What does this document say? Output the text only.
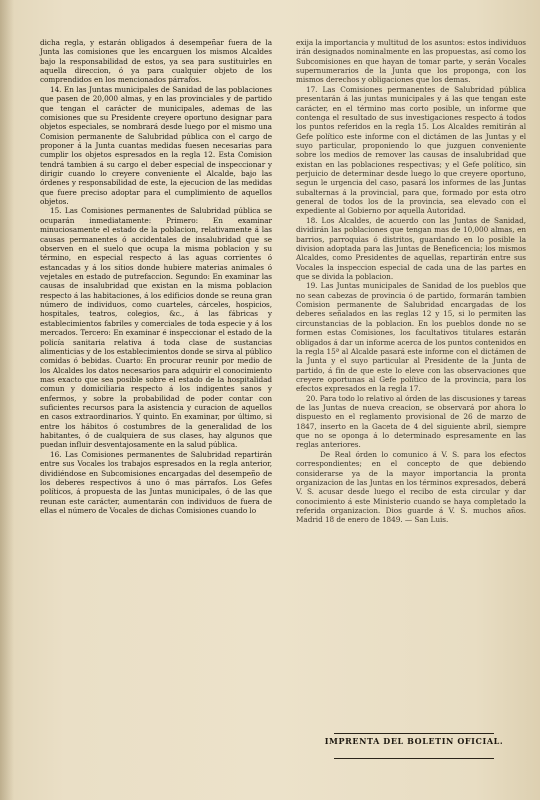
dicha regla, y estarán obligados á desempeñar fuera de la Junta las comisiones que les encarguen los mismos Alcaldes bajo la responsabilidad de estos, ya sea para sustituirles en aquella direccion, ó ya para cualquier objeto de los comprendidos en los mencionados párrafos.

14. En las Juntas municipales de Sanidad de las poblaciones que pasen de 20,000 almas, y en las provinciales y de partido que tengan el carácter de municipales, ademas de las comisiones que su Presidente creyere oportuno designar para objetos especiales, se nombrará desde luego por el mismo una Comision permanente de Salubridad pública con el cargo de proponer á la Junta cuantas medidas fuesen necesarias para cumplir los objetos espresados en la regla 12. Esta Comision tendrá tambien á su cargo el deber especial de inspeccionar y dirigir cuando lo creyere conveniente el Alcalde, bajo las órdenes y responsabilidad de este, la ejecucion de las medidas que fuere preciso adoptar para el cumplimiento de aquellos objetos.

15. Las Comisiones permanentes de Salubridad pública se ocuparán inmediatamente: Primero: En examinar minuciosamente el estado de la poblacion, relativamente á las causas permanentes ó accidentales de insalubridad que se observen en el suelo que ocupa la misma poblacion y su término, en especial respecto á las aguas corrientes ó estancadas y á los sitios donde hubiere materias animales ó vejetales en estado de putrefaccion. Segundo: En examinar las causas de insalubridad que existan en la misma poblacion respecto á las habitaciones, á los edificios donde se reuna gran número de individuos, como cuarteles, cárceles, hospicios, hospitales, teatros, colegios, &c., á las fábricas y establecimientos fabriles y comerciales de toda especie y á los mercados. Tercero: En examinar é inspeccionar el estado de la policía sanitaria relativa á toda clase de sustancias alimenticias y de los establecimientos donde se sirva al público comidas ó bebidas. Cuarto: En procurar reunir por medio de los Alcaldes los datos necesarios para adquirir el conocimiento mas exacto que sea posible sobre el estado de la hospitalidad comun y domiciliaria respecto á los indigentes sanos y enfermos, y sobre la probabilidad de poder contar con suficientes recursos para la asistencia y curacion de aquellos en casos extraordinarios. Y quinto. En examinar, por último, si entre los hábitos ó costumbres de la generalidad de los habitantes, ó de cualquiera de sus clases, hay algunos que puedan influir desventajosamente en la salud pública.

16. Las Comisiones permanentes de Salubridad repartirán entre sus Vocales los trabajos espresados en la regla anterior, dividiéndose en Subcomisiones encargadas del desempeño de los deberes respectivos á uno ó mas párrafos. Los Gefes políticos, á propuesta de las Juntas municipales, ó de las que reunan este carácter, aumentarán con individuos de fuera de ellas el número de Vocales de dichas Comisiones cuando lo

exija la importancia y multitud de los asuntos: estos individuos irán designados nominalmente en las propuestas, así como los Subcomisiones en que hayan de tomar parte, y serán Vocales supernumerarios de la Junta que los proponga, con los mismos derechos y obligaciones que los demas.

17. Las Comisiones permanentes de Salubridad pública presentarán á las juntas municipales y á las que tengan este carácter, en el término mas corto posible, un informe que contenga el resultado de sus investigaciones respecto á todos los puntos referidos en la regla 15. Los Alcaldes remitirán al Gefe político este informe con el dictámen de las Juntas y el suyo particular, proponiendo lo que juzguen conveniente sobre los medios de remover las causas de insalubridad que existan en las poblaciones respectivas; y el Gefe político, sin perjuicio de determinar desde luego lo que creyere oportuno, segun le urgencia del caso, pasará los informes de las Juntas subalternas á la provincial, para que, formado por esta otro general de todos los de la provincia, sea elevado con el expediente al Gobierno por aquella Autoridad.

18. Los Alcaldes, de acuerdo con las Juntas de Sanidad, dividirán las poblaciones que tengan mas de 10,000 almas, en barrios, parroquias ó distritos, guardando en lo posible la division adoptada para las Juntas de Beneficencia; los mismos Alcaldes, como Presidentes de aquellas, repartirán entre sus Vocales la inspeccion especial de cada una de las partes en que se divida la poblacion.

19. Las Juntas municipales de Sanidad de los pueblos que no sean cabezas de provincia ó de partido, formarán tambien Comision permanente de Salubridad encargadas de los deberes señalados en las reglas 12 y 15, si lo permiten las circunstancias de la poblacion. En los pueblos donde no se formen estas Comisiones, los facultativos titulares estarán obligados á dar un informe acerca de los puntos contenidos en la regla 15ª al Alcalde pasará este informe con el dictámen de la Junta y el suyo particular al Presidente de la Junta de partido, á fin de que este lo eleve con las observaciones que creyere oportunas al Gefe político de la provincia, para los efectos expresados en la regla 17.

20. Para todo lo relativo al órden de las discusiones y tareas de las Juntas de nueva creacion, se observará por ahora lo dispuesto en el reglamento provisional de 26 de marzo de 1847, inserto en la Gaceta de 4 del siguiente abril, siempre que no se oponga á lo determinado espresamente en las reglas anteriores.

De Real órden lo comunico á V. S. para los efectos correspondientes; en el concepto de que debiendo considerarse ya de la mayor importancia la pronta organizacion de las Juntas en los términos expresados, deberá V. S. acusar desde luego el recibo de esta circular y dar conocimiento á este Ministerio cuando se haya completado la referida organizacion. Dios guarde á V. S. muchos años. Madrid 18 de enero de 1849. — San Luis.

IMPRENTA DEL BOLETIN OFICIAL.
